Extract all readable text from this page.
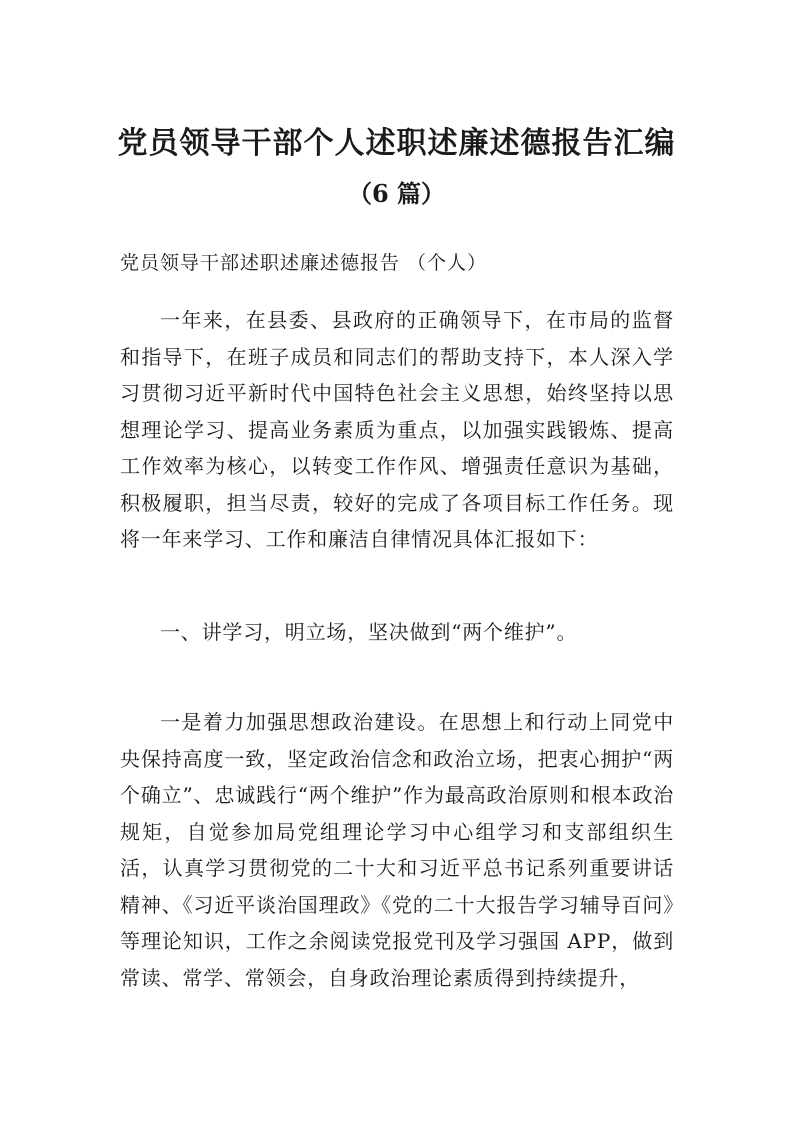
党员领导干部个人述职述廉述德报告汇编
（6 篇）
党员领导干部述职述廉述德报告 （个人）

一年来，在县委、县政府的正确领导下，在市局的监督和指导下，在班子成员和同志们的帮助支持下，本人深入学习贯彻习近平新时代中国特色社会主义思想，始终坚持以思想理论学习、提高业务素质为重点，以加强实践锻炼、提高工作效率为核心，以转变工作作风、增强责任意识为基础，积极履职，担当尽责，较好的完成了各项目标工作任务。现将一年来学习、工作和廉洁自律情况具体汇报如下：

一、讲学习，明立场，坚决做到“两个维护”。

一是着力加强思想政治建设。在思想上和行动上同党中央保持高度一致，坚定政治信念和政治立场，把衷心拥护“两个确立”、忠诚践行“两个维护”作为最高政治原则和根本政治规矩，自觉参加局党组理论学习中心组学习和支部组织生活，认真学习贯彻党的二十大和习近平总书记系列重要讲话精神、《习近平谈治国理政》《党的二十大报告学习辅导百问》等理论知识，工作之余阅读党报党刊及学习强国 APP，做到常读、常学、常领会，自身政治理论素质得到持续提升，
